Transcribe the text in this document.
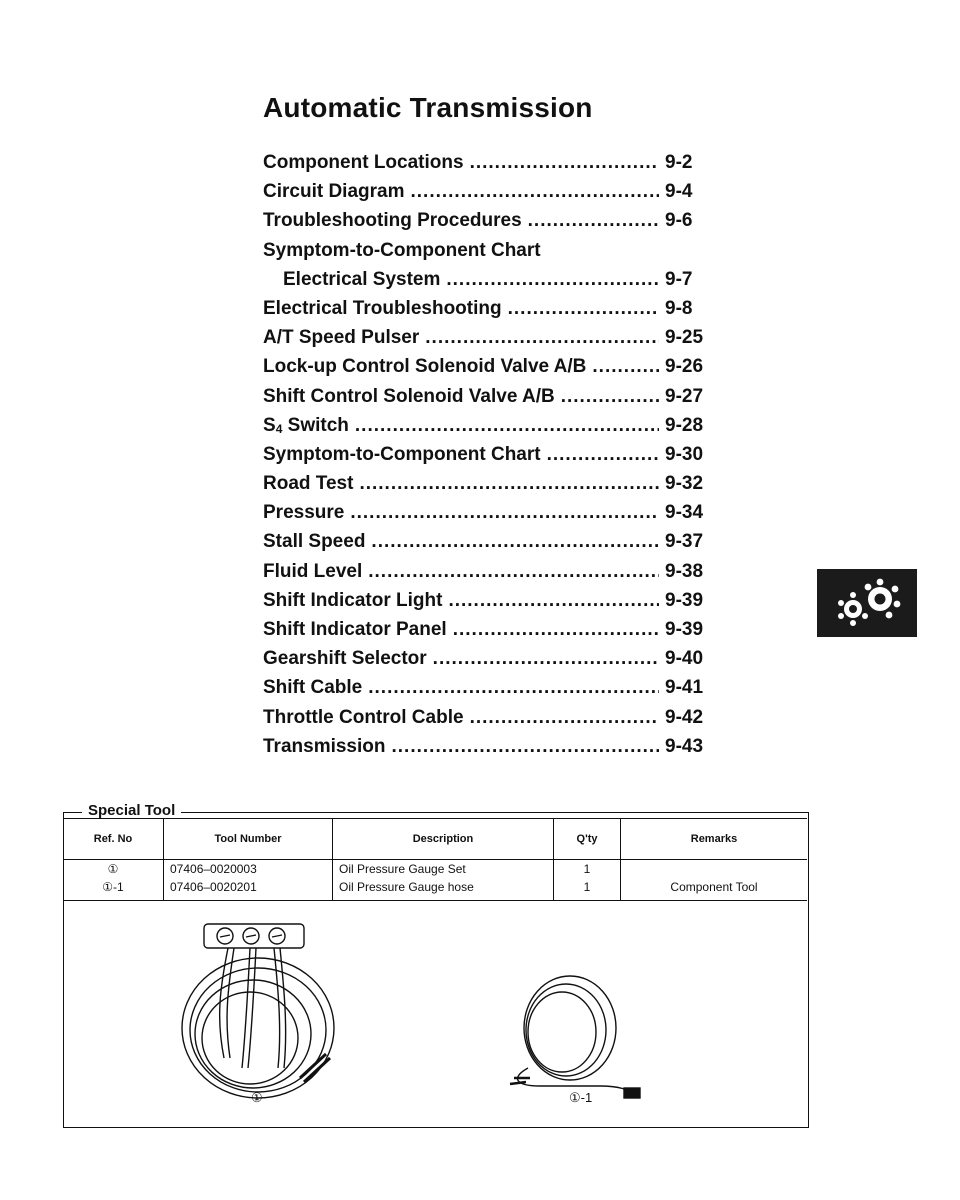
Automatic Transmission
Component Locations .....	9-2
Circuit Diagram .....	9-4
Troubleshooting Procedures .....	9-6
Symptom-to-Component Chart
Electrical System .....	9-7
Electrical Troubleshooting .....	9-8
A/T Speed Pulser .....	9-25
Lock-up Control Solenoid Valve A/B .....	9-26
Shift Control Solenoid Valve A/B .....	9-27
S4 Switch .....	9-28
Symptom-to-Component Chart .....	9-30
Road Test .....	9-32
Pressure .....	9-34
Stall Speed .....	9-37
Fluid Level .....	9-38
Shift Indicator Light .....	9-39
Shift Indicator Panel .....	9-39
Gearshift Selector .....	9-40
Shift Cable .....	9-41
Throttle Control Cable .....	9-42
Transmission .....	9-43
Special Tool
Ref. No	Tool Number	Description	Q'ty	Remarks
①	07406–0020003	Oil Pressure Gauge Set	1	
①-1	07406–0020201	Oil Pressure Gauge hose	1	Component Tool
①	①-1
